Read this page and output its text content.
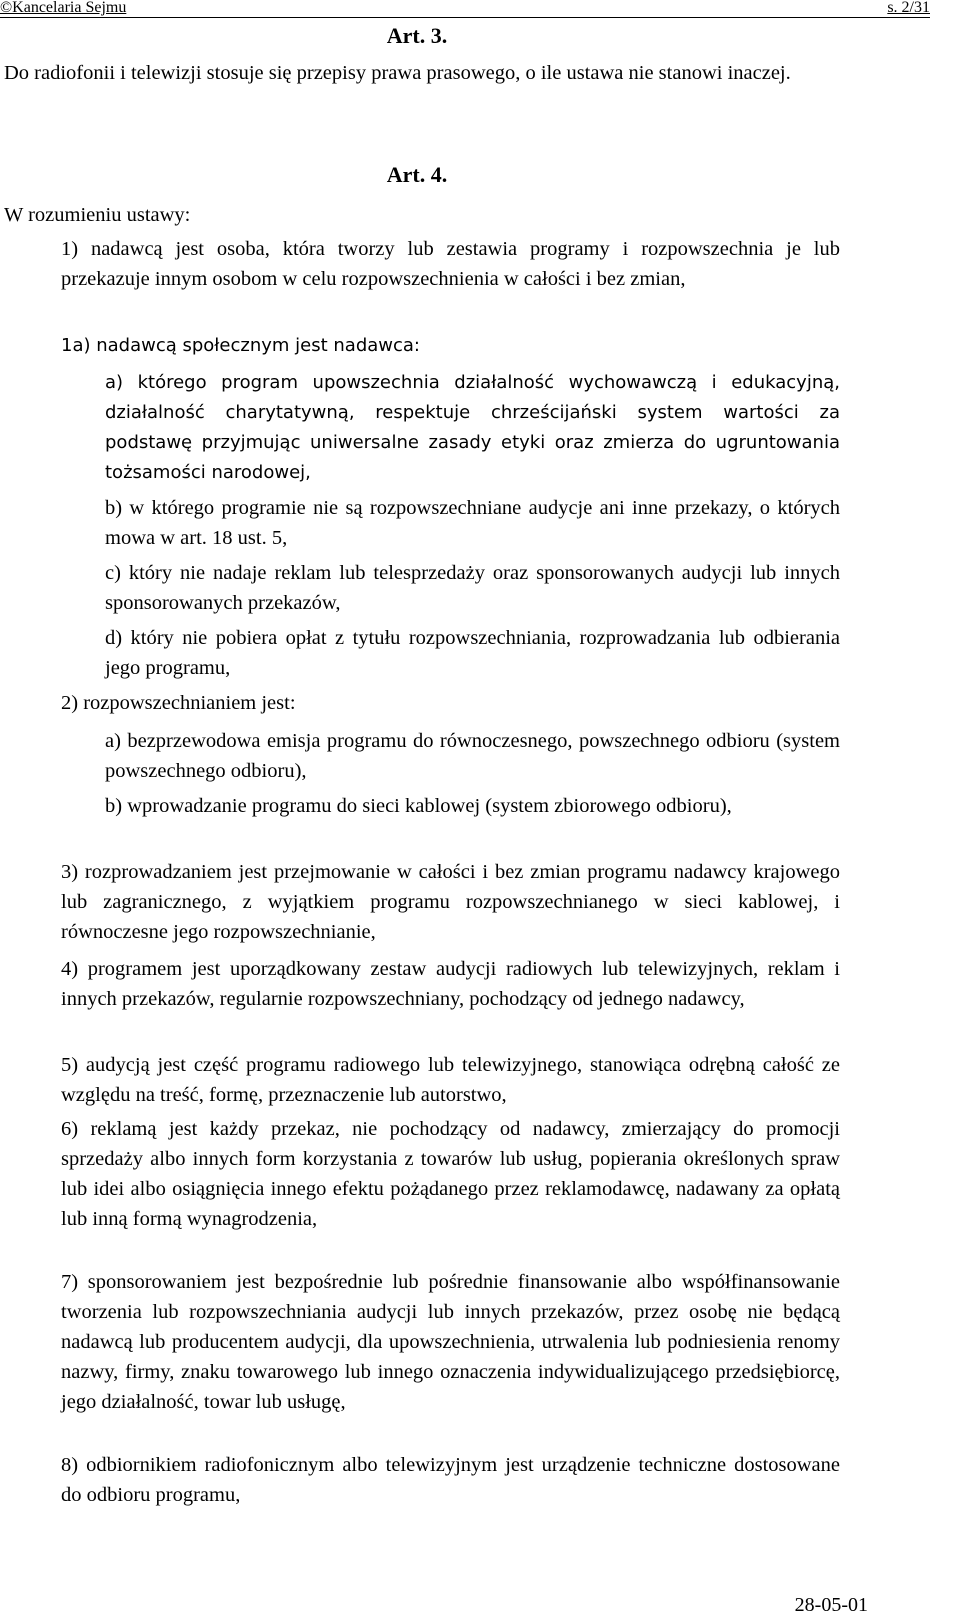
©Kancelaria Sejmu	s. 2/31
Art. 3.

Do radiofonii i telewizji stosuje się przepisy prawa prasowego, o ile ustawa nie stanowi inaczej.

Art. 4.

W rozumieniu ustawy:

1) nadawcą jest osoba, która tworzy lub zestawia programy i rozpowszechnia je lub przekazuje innym osobom w celu rozpowszechnienia w całości i bez zmian,

1a) nadawcą społecznym jest nadawca:

a) którego program upowszechnia działalność wychowawczą i edukacyjną, działalność charytatywną, respektuje chrześcijański system wartości za podstawę przyjmując uniwersalne zasady etyki oraz zmierza do ugruntowania tożsamości narodowej,

b) w którego programie nie są rozpowszechniane audycje ani inne przekazy, o których mowa w art. 18 ust. 5,

c) który nie nadaje reklam lub telesprzedaży oraz sponsorowanych audycji lub innych sponsorowanych przekazów,

d) który nie pobiera opłat z tytułu rozpowszechniania, rozprowadzania lub odbierania jego programu,

2) rozpowszechnianiem jest:

a) bezprzewodowa emisja programu do równoczesnego, powszechnego odbioru (system powszechnego odbioru),

b) wprowadzanie programu do sieci kablowej (system zbiorowego odbioru),

3) rozprowadzaniem jest przejmowanie w całości i bez zmian programu nadawcy krajowego lub zagranicznego, z wyjątkiem programu rozpowszechnianego w sieci kablowej, i równoczesne jego rozpowszechnianie,

4) programem jest uporządkowany zestaw audycji radiowych lub telewizyjnych, reklam i innych przekazów, regularnie rozpowszechniany, pochodzący od jednego nadawcy,

5) audycją jest część programu radiowego lub telewizyjnego, stanowiąca odrębną całość ze względu na treść, formę, przeznaczenie lub autorstwo,

6) reklamą jest każdy przekaz, nie pochodzący od nadawcy, zmierzający do promocji sprzedaży albo innych form korzystania z towarów lub usług, popierania określonych spraw lub idei albo osiągnięcia innego efektu pożądanego przez reklamodawcę, nadawany za opłatą lub inną formą wynagrodzenia,

7) sponsorowaniem jest bezpośrednie lub pośrednie finansowanie albo współfinansowanie tworzenia lub rozpowszechniania audycji lub innych przekazów, przez osobę nie będącą nadawcą lub producentem audycji, dla upowszechnienia, utrwalenia lub podniesienia renomy nazwy, firmy, znaku towarowego lub innego oznaczenia indywidualizującego przedsiębiorcę, jego działalność, towar lub usługę,

8) odbiornikiem radiofonicznym albo telewizyjnym jest urządzenie techniczne dostosowane do odbioru programu,

28-05-01
